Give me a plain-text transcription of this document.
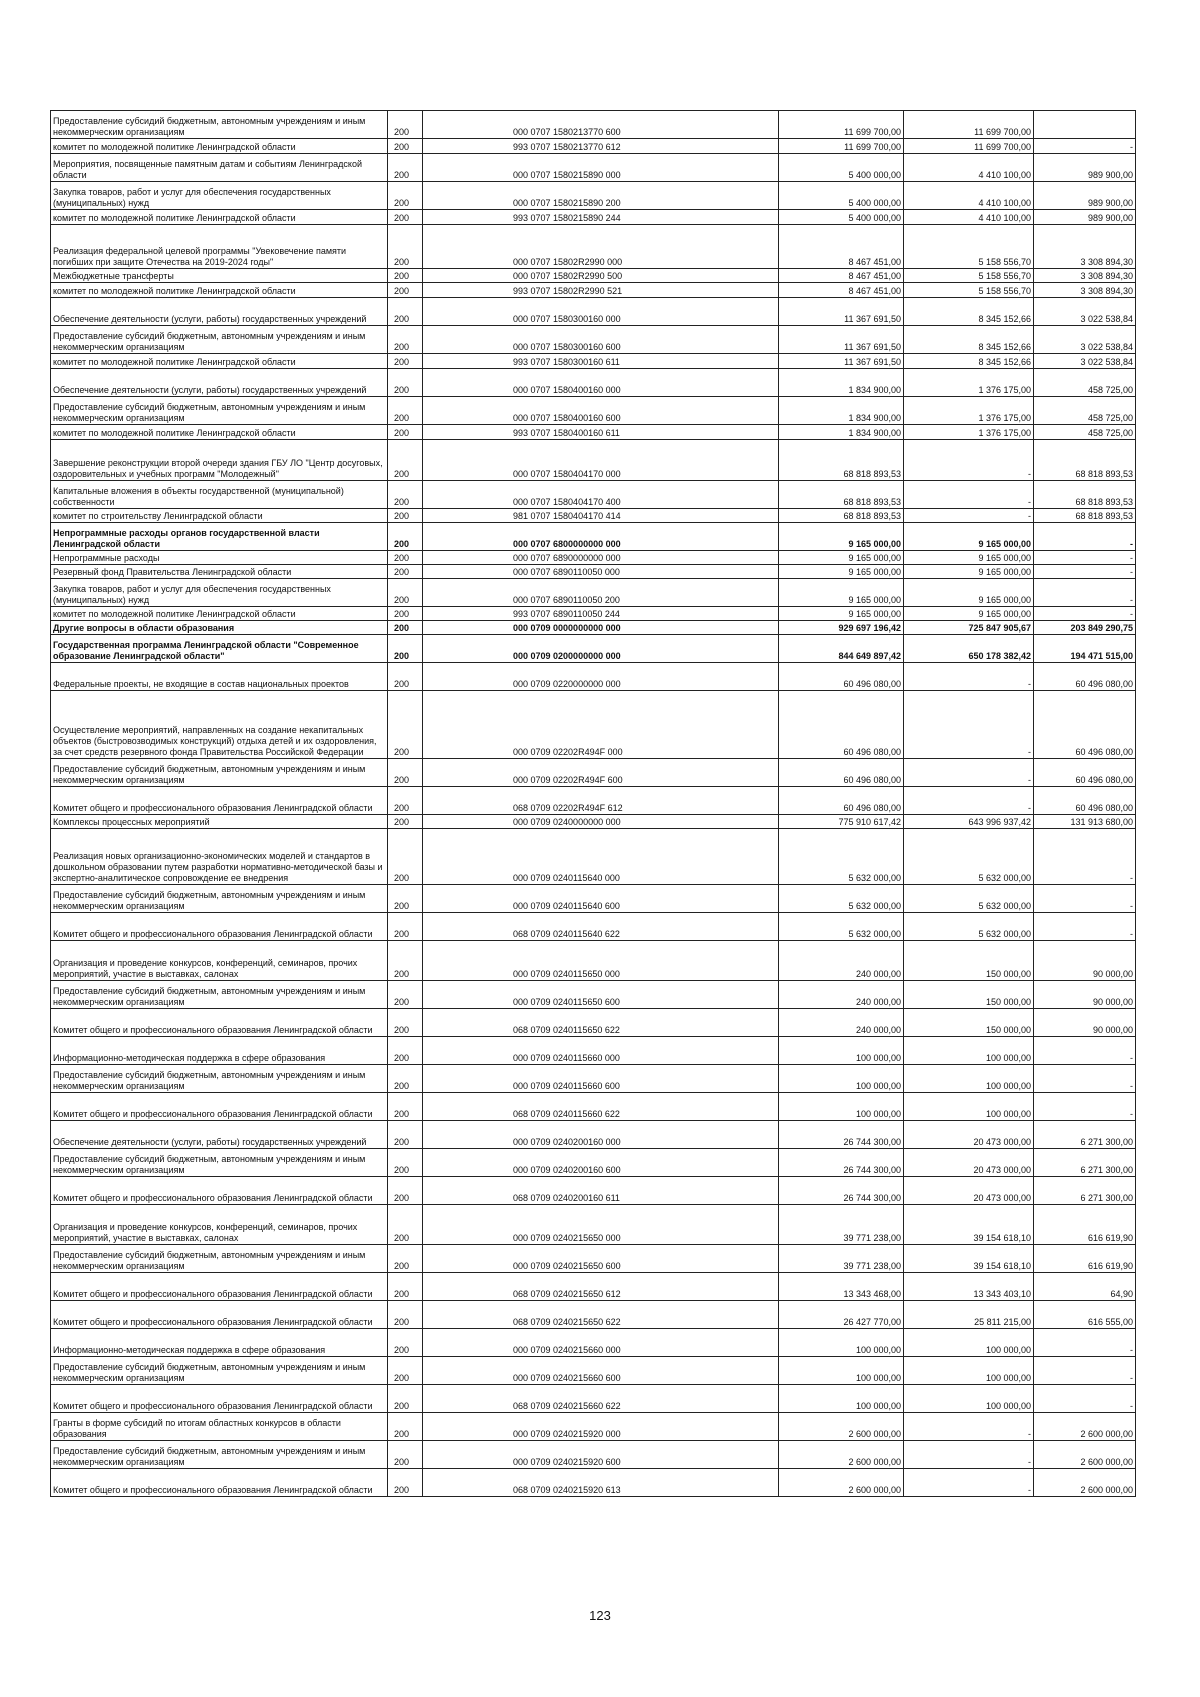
Предоставление субсидий бюджетным, автономным учреждениям и иным некоммерческим организациям	200	000 0707 1580213770 600	11 699 700,00	11 699 700,00	
комитет по молодежной политике Ленинградской области	200	993 0707 1580213770 612	11 699 700,00	11 699 700,00	-
Мероприятия, посвященные памятным датам и событиям Ленинградской области	200	000 0707 1580215890 000	5 400 000,00	4 410 100,00	989 900,00
Закупка товаров, работ и услуг для обеспечения государственных (муниципальных) нужд	200	000 0707 1580215890 200	5 400 000,00	4 410 100,00	989 900,00
комитет по молодежной политике Ленинградской области	200	993 0707 1580215890 244	5 400 000,00	4 410 100,00	989 900,00
Реализация федеральной целевой программы "Увековечение памяти погибших при защите Отечества на 2019-2024 годы"	200	000 0707 15802R2990 000	8 467 451,00	5 158 556,70	3 308 894,30
Межбюджетные трансферты	200	000 0707 15802R2990 500	8 467 451,00	5 158 556,70	3 308 894,30
комитет по молодежной политике Ленинградской области	200	993 0707 15802R2990 521	8 467 451,00	5 158 556,70	3 308 894,30
Обеспечение деятельности (услуги, работы) государственных учреждений	200	000 0707 1580300160 000	11 367 691,50	8 345 152,66	3 022 538,84
Предоставление субсидий бюджетным, автономным учреждениям и иным некоммерческим организациям	200	000 0707 1580300160 600	11 367 691,50	8 345 152,66	3 022 538,84
комитет по молодежной политике Ленинградской области	200	993 0707 1580300160 611	11 367 691,50	8 345 152,66	3 022 538,84
Обеспечение деятельности (услуги, работы) государственных учреждений	200	000 0707 1580400160 000	1 834 900,00	1 376 175,00	458 725,00
Предоставление субсидий бюджетным, автономным учреждениям и иным некоммерческим организациям	200	000 0707 1580400160 600	1 834 900,00	1 376 175,00	458 725,00
комитет по молодежной политике Ленинградской области	200	993 0707 1580400160 611	1 834 900,00	1 376 175,00	458 725,00
Завершение реконструкции второй очереди здания ГБУ ЛО "Центр досуговых, оздоровительных и учебных программ "Молодежный"	200	000 0707 1580404170 000	68 818 893,53	-	68 818 893,53
Капитальные вложения в объекты государственной (муниципальной) собственности	200	000 0707 1580404170 400	68 818 893,53	-	68 818 893,53
комитет по строительству Ленинградской области	200	981 0707 1580404170 414	68 818 893,53	-	68 818 893,53
Непрограммные расходы органов государственной власти Ленинградской области	200	000 0707 6800000000 000	9 165 000,00	9 165 000,00	-
Непрограммные расходы	200	000 0707 6890000000 000	9 165 000,00	9 165 000,00	-
Резервный фонд Правительства Ленинградской области	200	000 0707 6890110050 000	9 165 000,00	9 165 000,00	-
Закупка товаров, работ и услуг для обеспечения государственных (муниципальных) нужд	200	000 0707 6890110050 200	9 165 000,00	9 165 000,00	-
комитет по молодежной политике Ленинградской области	200	993 0707 6890110050 244	9 165 000,00	9 165 000,00	-
Другие вопросы в области образования	200	000 0709 0000000000 000	929 697 196,42	725 847 905,67	203 849 290,75
Государственная программа Ленинградской области "Современное образование Ленинградской области"	200	000 0709 0200000000 000	844 649 897,42	650 178 382,42	194 471 515,00
Федеральные проекты, не входящие в состав национальных проектов	200	000 0709 0220000000 000	60 496 080,00	-	60 496 080,00
Осуществление мероприятий, направленных на создание некапитальных объектов (быстровозводимых конструкций) отдыха детей и их оздоровления, за счет средств резервного фонда Правительства Российской Федерации	200	000 0709 02202R494F 000	60 496 080,00	-	60 496 080,00
Предоставление субсидий бюджетным, автономным учреждениям и иным некоммерческим организациям	200	000 0709 02202R494F 600	60 496 080,00	-	60 496 080,00
Комитет общего и профессионального образования Ленинградской области	200	068 0709 02202R494F 612	60 496 080,00	-	60 496 080,00
Комплексы процессных мероприятий	200	000 0709 0240000000 000	775 910 617,42	643 996 937,42	131 913 680,00
Реализация новых организационно-экономических моделей и стандартов в дошкольном образовании путем разработки нормативно-методической базы и экспертно-аналитическое сопровождение ее внедрения	200	000 0709 0240115640 000	5 632 000,00	5 632 000,00	-
Предоставление субсидий бюджетным, автономным учреждениям и иным некоммерческим организациям	200	000 0709 0240115640 600	5 632 000,00	5 632 000,00	-
Комитет общего и профессионального образования Ленинградской области	200	068 0709 0240115640 622	5 632 000,00	5 632 000,00	-
Организация и проведение конкурсов, конференций, семинаров, прочих мероприятий, участие в выставках, салонах	200	000 0709 0240115650 000	240 000,00	150 000,00	90 000,00
Предоставление субсидий бюджетным, автономным учреждениям и иным некоммерческим организациям	200	000 0709 0240115650 600	240 000,00	150 000,00	90 000,00
Комитет общего и профессионального образования Ленинградской области	200	068 0709 0240115650 622	240 000,00	150 000,00	90 000,00
Информационно-методическая поддержка в сфере образования	200	000 0709 0240115660 000	100 000,00	100 000,00	-
Предоставление субсидий бюджетным, автономным учреждениям и иным некоммерческим организациям	200	000 0709 0240115660 600	100 000,00	100 000,00	-
Комитет общего и профессионального образования Ленинградской области	200	068 0709 0240115660 622	100 000,00	100 000,00	-
Обеспечение деятельности (услуги, работы) государственных учреждений	200	000 0709 0240200160 000	26 744 300,00	20 473 000,00	6 271 300,00
Предоставление субсидий бюджетным, автономным учреждениям и иным некоммерческим организациям	200	000 0709 0240200160 600	26 744 300,00	20 473 000,00	6 271 300,00
Комитет общего и профессионального образования Ленинградской области	200	068 0709 0240200160 611	26 744 300,00	20 473 000,00	6 271 300,00
Организация и проведение конкурсов, конференций, семинаров, прочих мероприятий, участие в выставках, салонах	200	000 0709 0240215650 000	39 771 238,00	39 154 618,10	616 619,90
Предоставление субсидий бюджетным, автономным учреждениям и иным некоммерческим организациям	200	000 0709 0240215650 600	39 771 238,00	39 154 618,10	616 619,90
Комитет общего и профессионального образования Ленинградской области	200	068 0709 0240215650 612	13 343 468,00	13 343 403,10	64,90
Комитет общего и профессионального образования Ленинградской области	200	068 0709 0240215650 622	26 427 770,00	25 811 215,00	616 555,00
Информационно-методическая поддержка в сфере образования	200	000 0709 0240215660 000	100 000,00	100 000,00	-
Предоставление субсидий бюджетным, автономным учреждениям и иным некоммерческим организациям	200	000 0709 0240215660 600	100 000,00	100 000,00	-
Комитет общего и профессионального образования Ленинградской области	200	068 0709 0240215660 622	100 000,00	100 000,00	-
Гранты в форме субсидий по итогам областных конкурсов в области образования	200	000 0709 0240215920 000	2 600 000,00	-	2 600 000,00
Предоставление субсидий бюджетным, автономным учреждениям и иным некоммерческим организациям	200	000 0709 0240215920 600	2 600 000,00	-	2 600 000,00
Комитет общего и профессионального образования Ленинградской области	200	068 0709 0240215920 613	2 600 000,00	-	2 600 000,00
123
